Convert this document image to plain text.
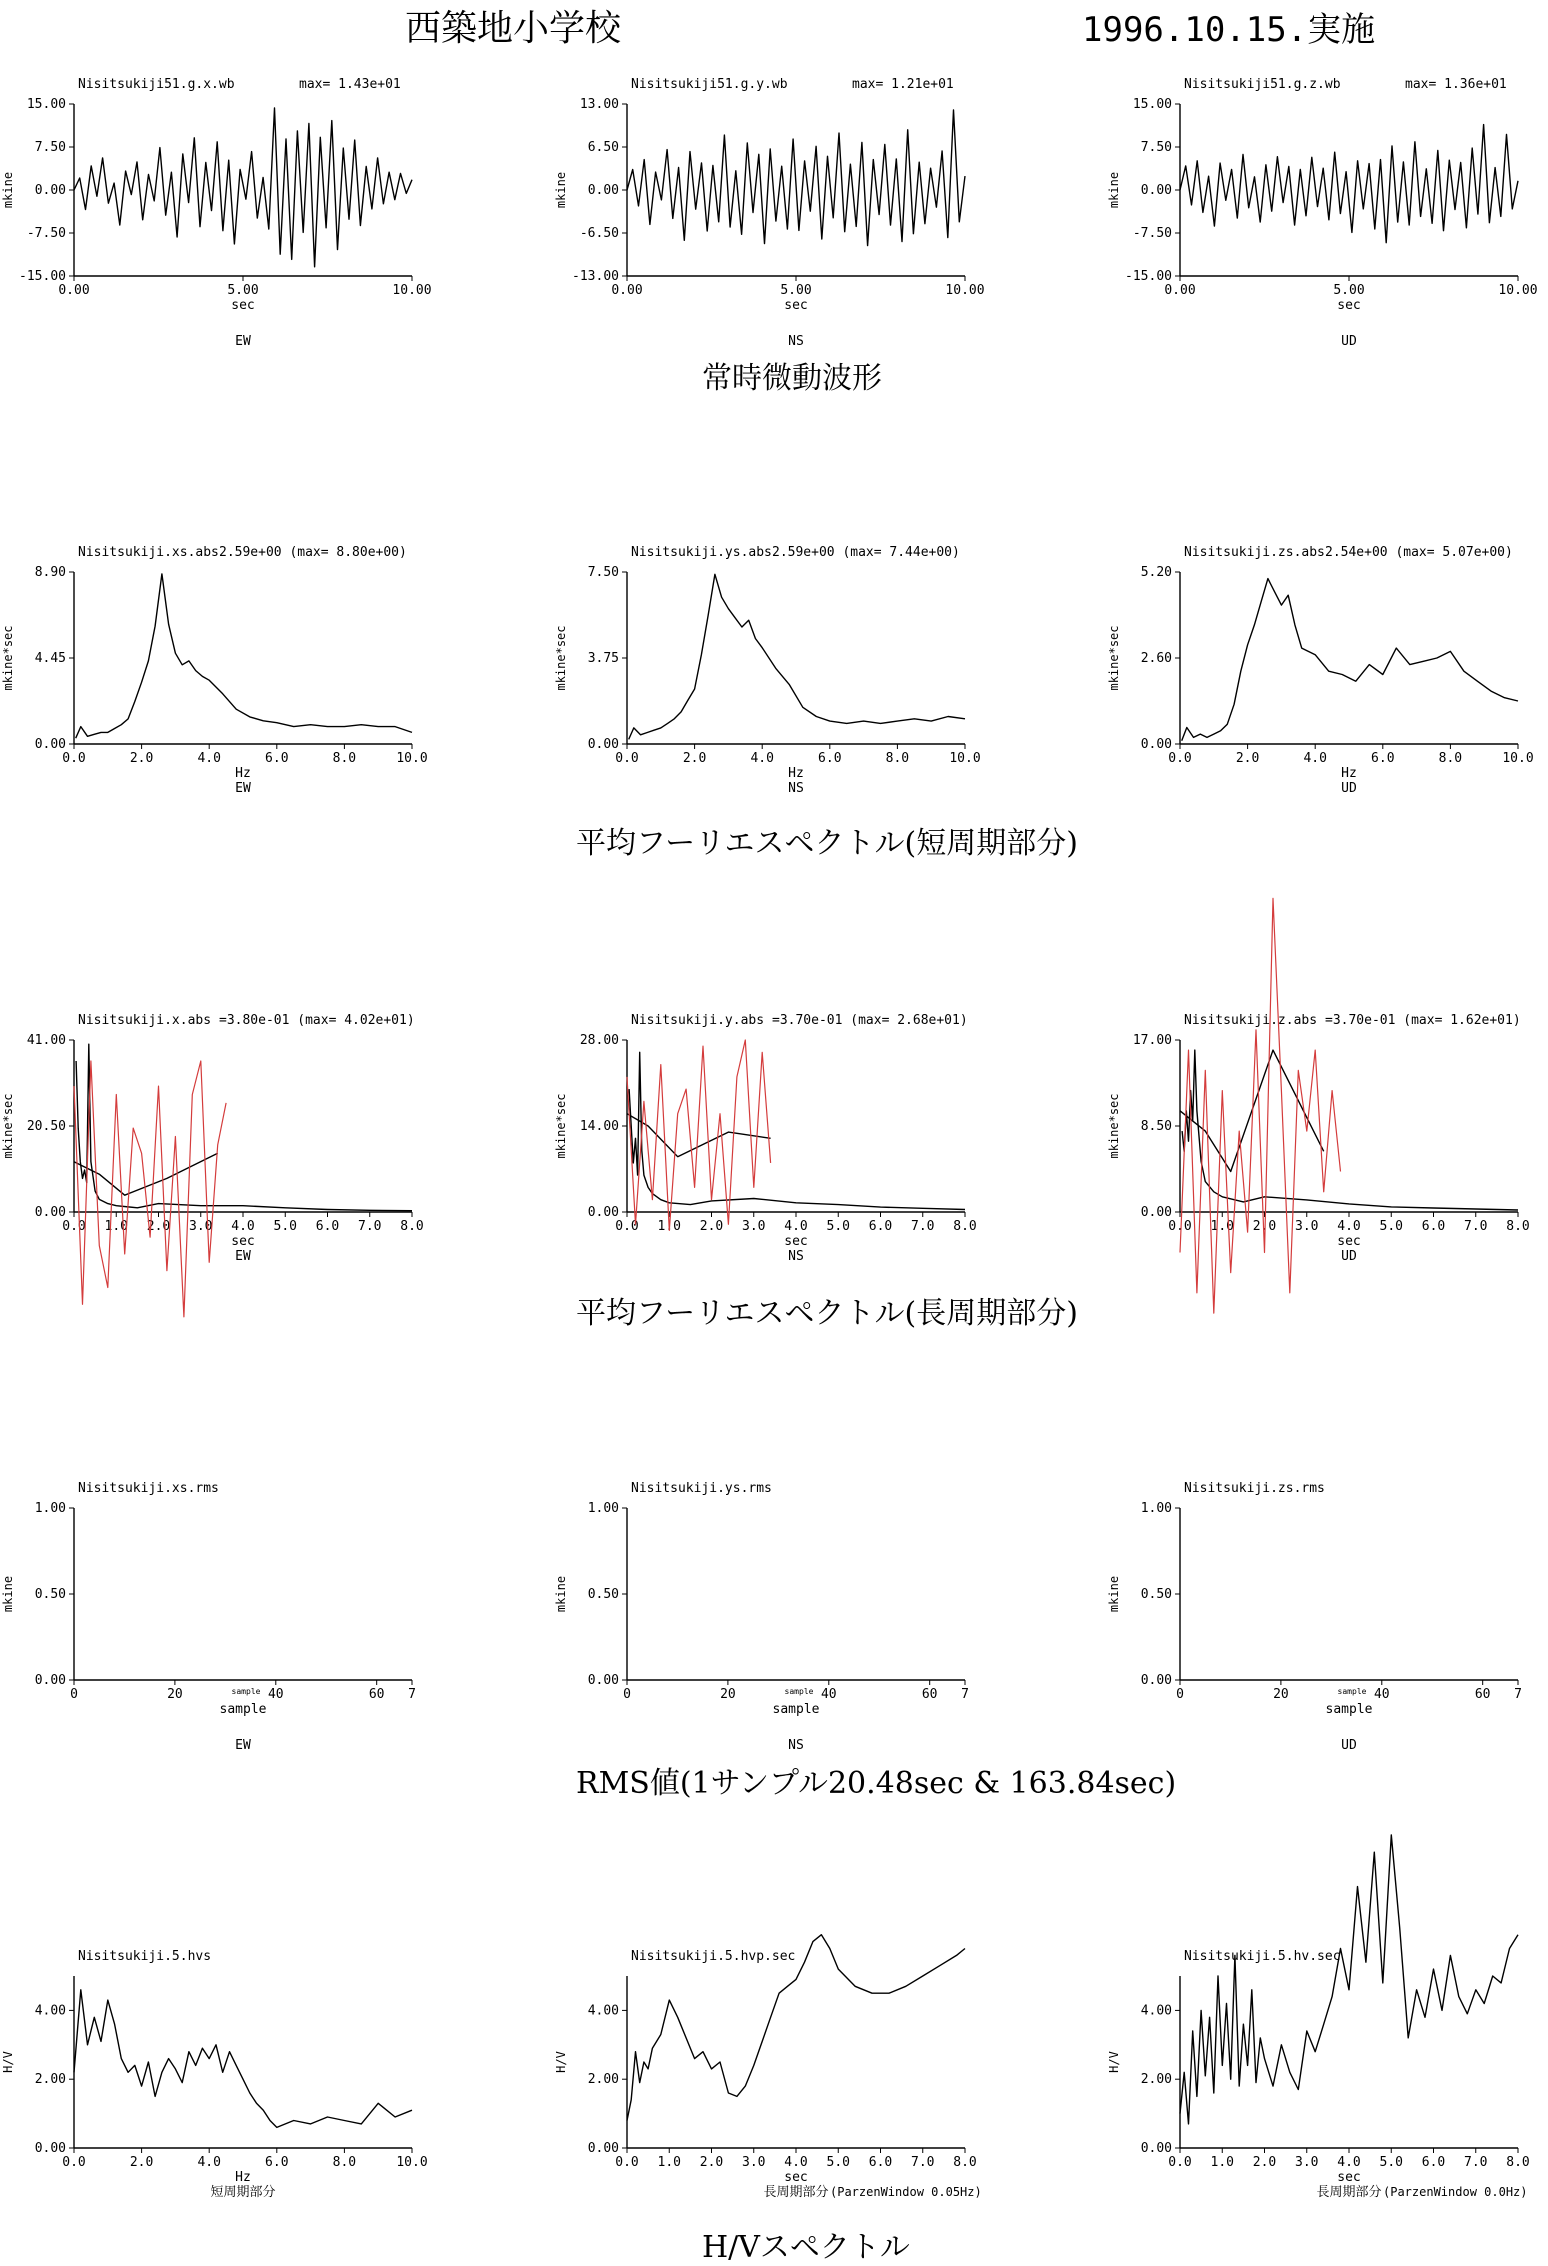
西築地小学校	1996.10.15.実施
常時微動波形
平均フーリエスペクトル(短周期部分)
平均フーリエスペクトル(長周期部分)
RMS値(1サンプル20.48sec & 163.84sec)
H/Vスペクトル
Nisitsukiji51.g.x.wb	max= 1.43e+01
15.00
7.50
0.00
-7.50
-15.00
0.00	5.00	10.00
sec
mkine
EW
Nisitsukiji51.g.y.wb	max= 1.21e+01
13.00
6.50
0.00
-6.50
-13.00
0.00	5.00	10.00
sec
mkine
NS
Nisitsukiji51.g.z.wb	max= 1.36e+01
15.00
7.50
0.00
-7.50
-15.00
0.00	5.00	10.00
sec
mkine
UD
Nisitsukiji.xs.abs 2.59e+00 (max= 8.80e+00)
8.90
4.45
0.00
0.0	2.0	4.0	6.0	8.0	10.0
Hz
mkine*sec
EW
Nisitsukiji.ys.abs 2.59e+00 (max= 7.44e+00)
7.50
3.75
0.00
0.0	2.0	4.0	6.0	8.0	10.0
Hz
mkine*sec
NS
Nisitsukiji.zs.abs 2.54e+00 (max= 5.07e+00)
5.20
2.60
0.00
0.0	2.0	4.0	6.0	8.0	10.0
Hz
mkine*sec
UD
Nisitsukiji.x.abs =3.80e-01 (max= 4.02e+01)
41.00
20.50
0.00
0.0 1.0 2.0 3.0 4.0 5.0 6.0 7.0 8.0
sec
mkine*sec
EW
Nisitsukiji.y.abs =3.70e-01 (max= 2.68e+01)
28.00
14.00
0.00
0.0 1.0 2.0 3.0 4.0 5.0 6.0 7.0 8.0
sec
mkine*sec
NS
Nisitsukiji.z.abs =3.70e-01 (max= 1.62e+01)
17.00
8.50
0.00
0.0 1.0 2.0 3.0 4.0 5.0 6.0 7.0 8.0
sec
mkine*sec
UD
Nisitsukiji.xs.rms
1.00
0.50
0.00
0	20	40	60 7
sample
mkine
sample
EW
Nisitsukiji.ys.rms
1.00
0.50
0.00
0	20	40	60 7
sample
mkine
sample
NS
Nisitsukiji.zs.rms
1.00
0.50
0.00
0	20	40	60 7
sample
mkine
sample
UD
Nisitsukiji.5.hvs
4.00
2.00
0.00
0.0	2.0	4.0	6.0	8.0	10.0
Hz
H/V
短周期部分
Nisitsukiji.5.hvp.sec
4.00
2.00
0.00
0.0 1.0 2.0 3.0 4.0 5.0 6.0 7.0 8.0
sec
H/V
長周期部分 (ParzenWindow 0.05Hz)
Nisitsukiji.5.hv.sec
4.00
2.00
0.00
0.0 1.0 2.0 3.0 4.0 5.0 6.0 7.0 8.0
sec
H/V
長周期部分 (ParzenWindow 0.0Hz)
